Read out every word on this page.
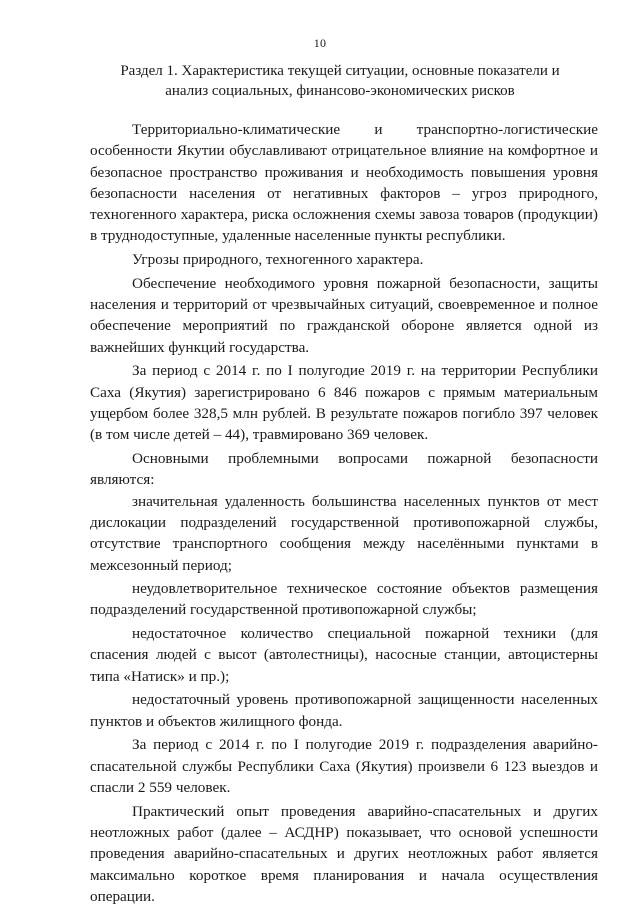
10
Раздел 1. Характеристика текущей ситуации, основные показатели и анализ социальных, финансово-экономических рисков

Территориально-климатические и транспортно-логистические особенности Якутии обуславливают отрицательное влияние на комфортное и безопасное пространство проживания и необходимость повышения уровня безопасности населения от негативных факторов – угроз природного, техногенного характера, риска осложнения схемы завоза товаров (продукции) в труднодоступные, удаленные населенные пункты республики.

Угрозы природного, техногенного характера.

Обеспечение необходимого уровня пожарной безопасности, защиты населения и территорий от чрезвычайных ситуаций, своевременное и полное обеспечение мероприятий по гражданской обороне является одной из важнейших функций государства.

За период с 2014 г. по I полугодие 2019 г. на территории Республики Саха (Якутия) зарегистрировано 6 846 пожаров с прямым материальным ущербом более 328,5 млн рублей. В результате пожаров погибло 397 человек (в том числе детей – 44), травмировано 369 человек.

Основными проблемными вопросами пожарной безопасности являются:

значительная удаленность большинства населенных пунктов от мест дислокации подразделений государственной противопожарной службы, отсутствие транспортного сообщения между населёнными пунктами в межсезонный период;

неудовлетворительное техническое состояние объектов размещения подразделений государственной противопожарной службы;

недостаточное количество специальной пожарной техники (для спасения людей с высот (автолестницы), насосные станции, автоцистерны типа «Натиск» и пр.);

недостаточный уровень противопожарной защищенности населенных пунктов и объектов жилищного фонда.

За период с 2014 г. по I полугодие 2019 г. подразделения аварийно-спасательной службы Республики Саха (Якутия) произвели 6 123 выездов и спасли 2 559 человек.

Практический опыт проведения аварийно-спасательных и других неотложных работ (далее – АСДНР) показывает, что основой успешности проведения аварийно-спасательных и других неотложных работ является максимально короткое время планирования и начала осуществления операции.
